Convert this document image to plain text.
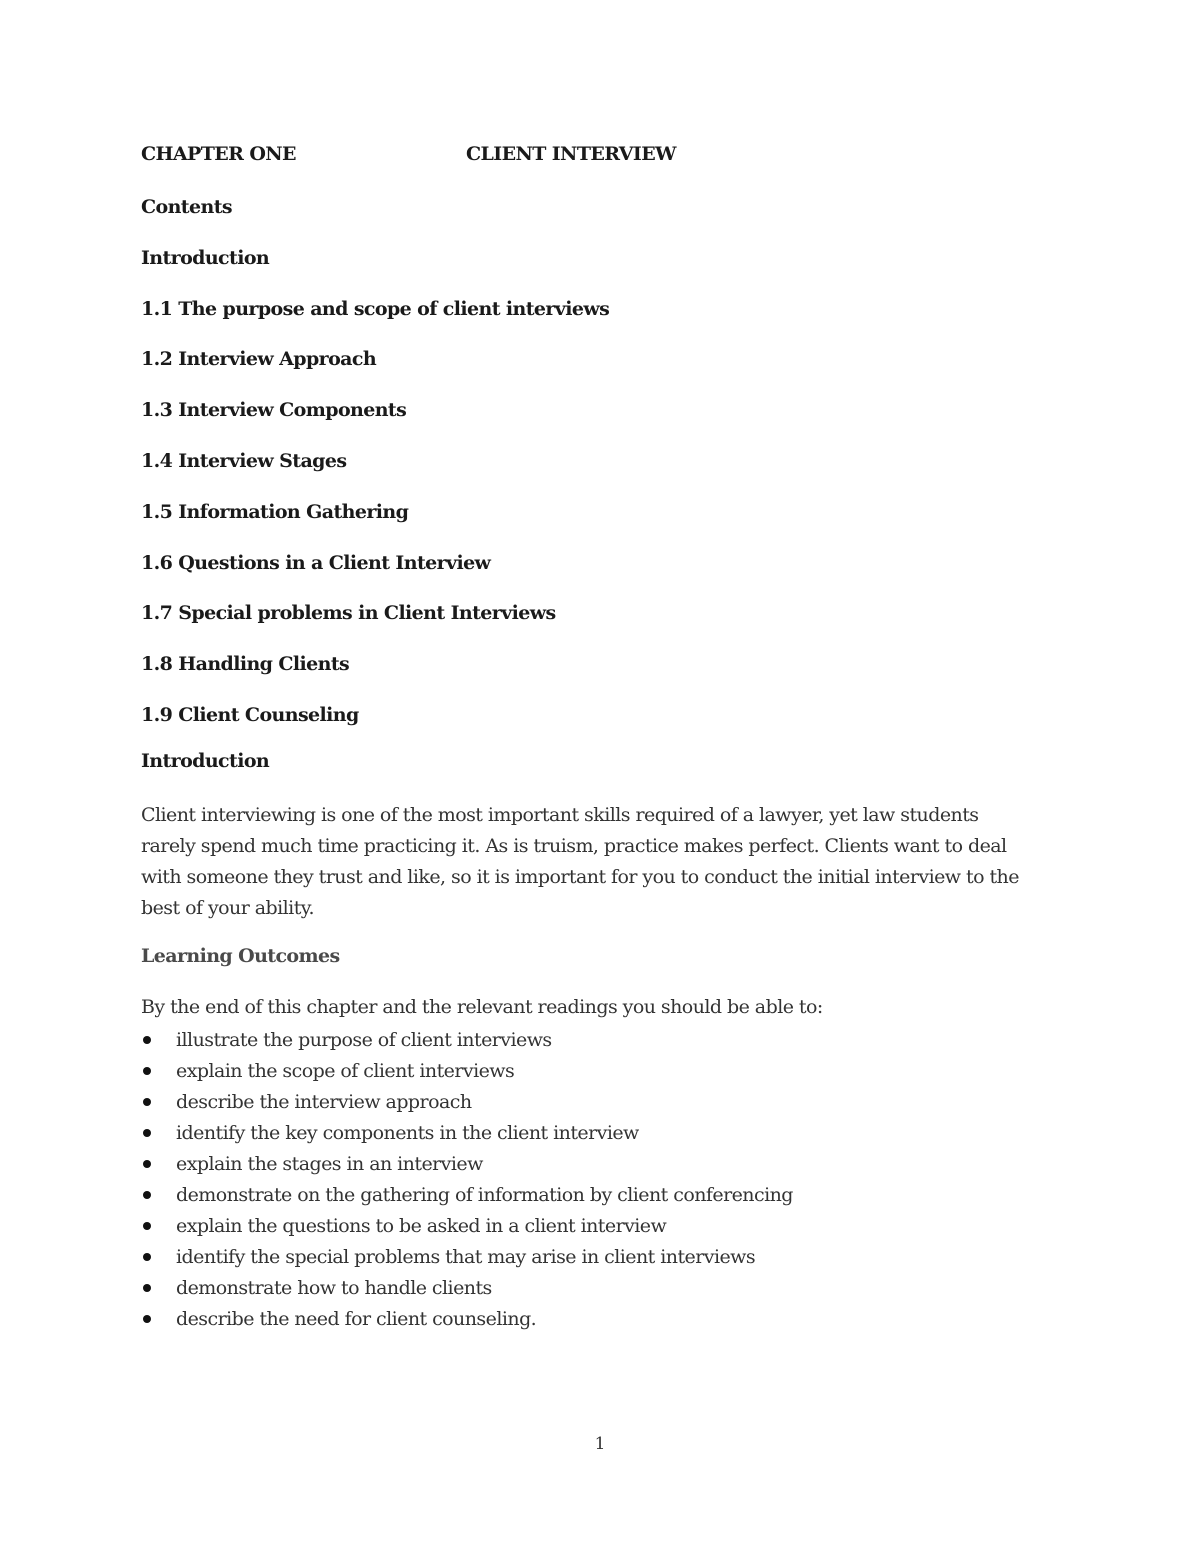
CHAPTER ONE	CLIENT INTERVIEW
Contents
Introduction
1.1 The purpose and scope of client interviews
1.2 Interview Approach
1.3 Interview Components
1.4 Interview Stages
1.5 Information Gathering
1.6 Questions in a Client Interview
1.7 Special problems in Client Interviews
1.8 Handling Clients
1.9 Client Counseling
Introduction
Client interviewing is one of the most important skills required of a lawyer, yet law students
rarely spend much time practicing it. As is truism, practice makes perfect. Clients want to deal
with someone they trust and like, so it is important for you to conduct the initial interview to the
best of your ability.
Learning Outcomes
By the end of this chapter and the relevant readings you should be able to:
illustrate the purpose of client interviews
explain the scope of client interviews
describe the interview approach
identify the key components in the client interview
explain the stages in an interview
demonstrate on the gathering of information by client conferencing
explain the questions to be asked in a client interview
identify the special problems that may arise in client interviews
demonstrate how to handle clients
describe the need for client counseling.
1
